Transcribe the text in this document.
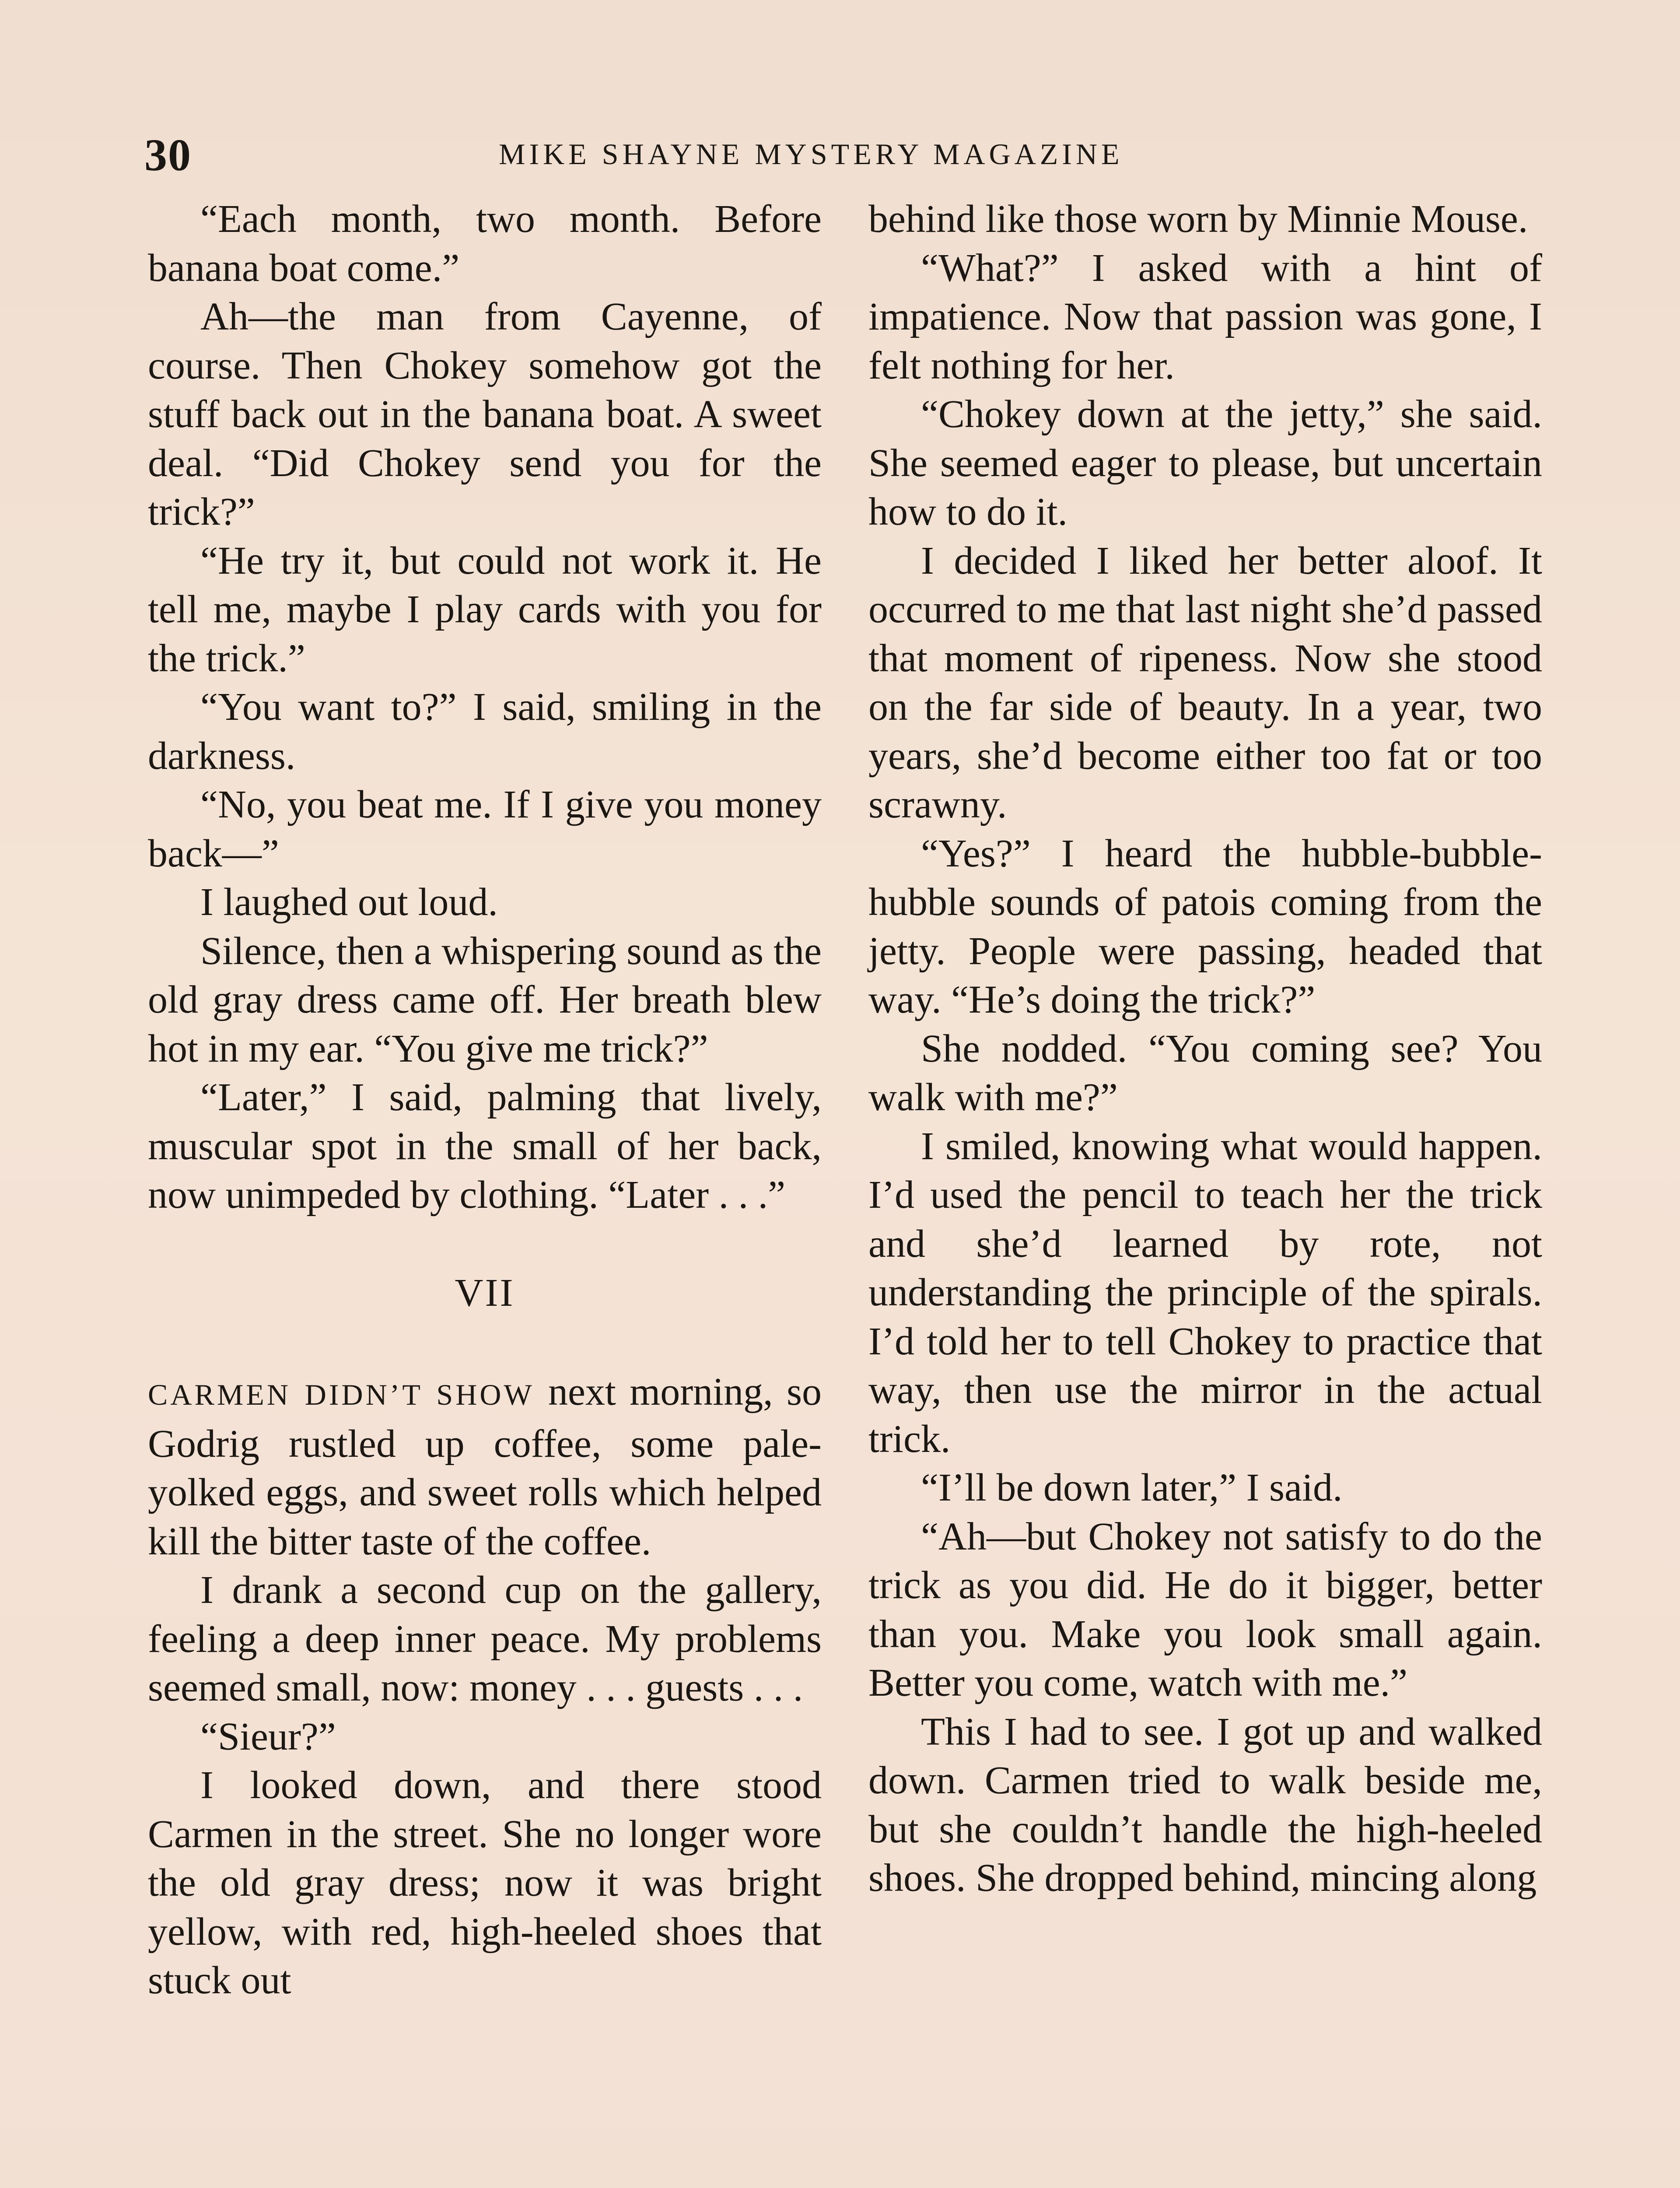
30	MIKE SHAYNE MYSTERY MAGAZINE

“Each month, two month. Before banana boat come.”

Ah—the man from Cayenne, of course. Then Chokey somehow got the stuff back out in the banana boat. A sweet deal. “Did Chokey send you for the trick?”

“He try it, but could not work it. He tell me, maybe I play cards with you for the trick.”

“You want to?” I said, smiling in the darkness.

“No, you beat me. If I give you money back—”

I laughed out loud.

Silence, then a whispering sound as the old gray dress came off. Her breath blew hot in my ear. “You give me trick?”

“Later,” I said, palming that lively, muscular spot in the small of her back, now unimpeded by clothing. “Later . . .”

VII

CARMEN DIDN’T SHOW next morning, so Godrig rustled up coffee, some pale-yolked eggs, and sweet rolls which helped kill the bitter taste of the coffee.

I drank a second cup on the gallery, feeling a deep inner peace. My problems seemed small, now: money . . . guests . . .

“Sieur?”

I looked down, and there stood Carmen in the street. She no longer wore the old gray dress; now it was bright yellow, with red, high-heeled shoes that stuck out

behind like those worn by Minnie Mouse.

“What?” I asked with a hint of impatience. Now that passion was gone, I felt nothing for her.

“Chokey down at the jetty,” she said. She seemed eager to please, but uncertain how to do it.

I decided I liked her better aloof. It occurred to me that last night she’d passed that moment of ripeness. Now she stood on the far side of beauty. In a year, two years, she’d become either too fat or too scrawny.

“Yes?” I heard the hubble-bubble-hubble sounds of patois coming from the jetty. People were passing, headed that way. “He’s doing the trick?”

She nodded. “You coming see? You walk with me?”

I smiled, knowing what would happen. I’d used the pencil to teach her the trick and she’d learned by rote, not understanding the principle of the spirals. I’d told her to tell Chokey to practice that way, then use the mirror in the actual trick.

“I’ll be down later,” I said.

“Ah—but Chokey not satisfy to do the trick as you did. He do it bigger, better than you. Make you look small again. Better you come, watch with me.”

This I had to see. I got up and walked down. Carmen tried to walk beside me, but she couldn’t handle the high-heeled shoes. She dropped behind, mincing along
